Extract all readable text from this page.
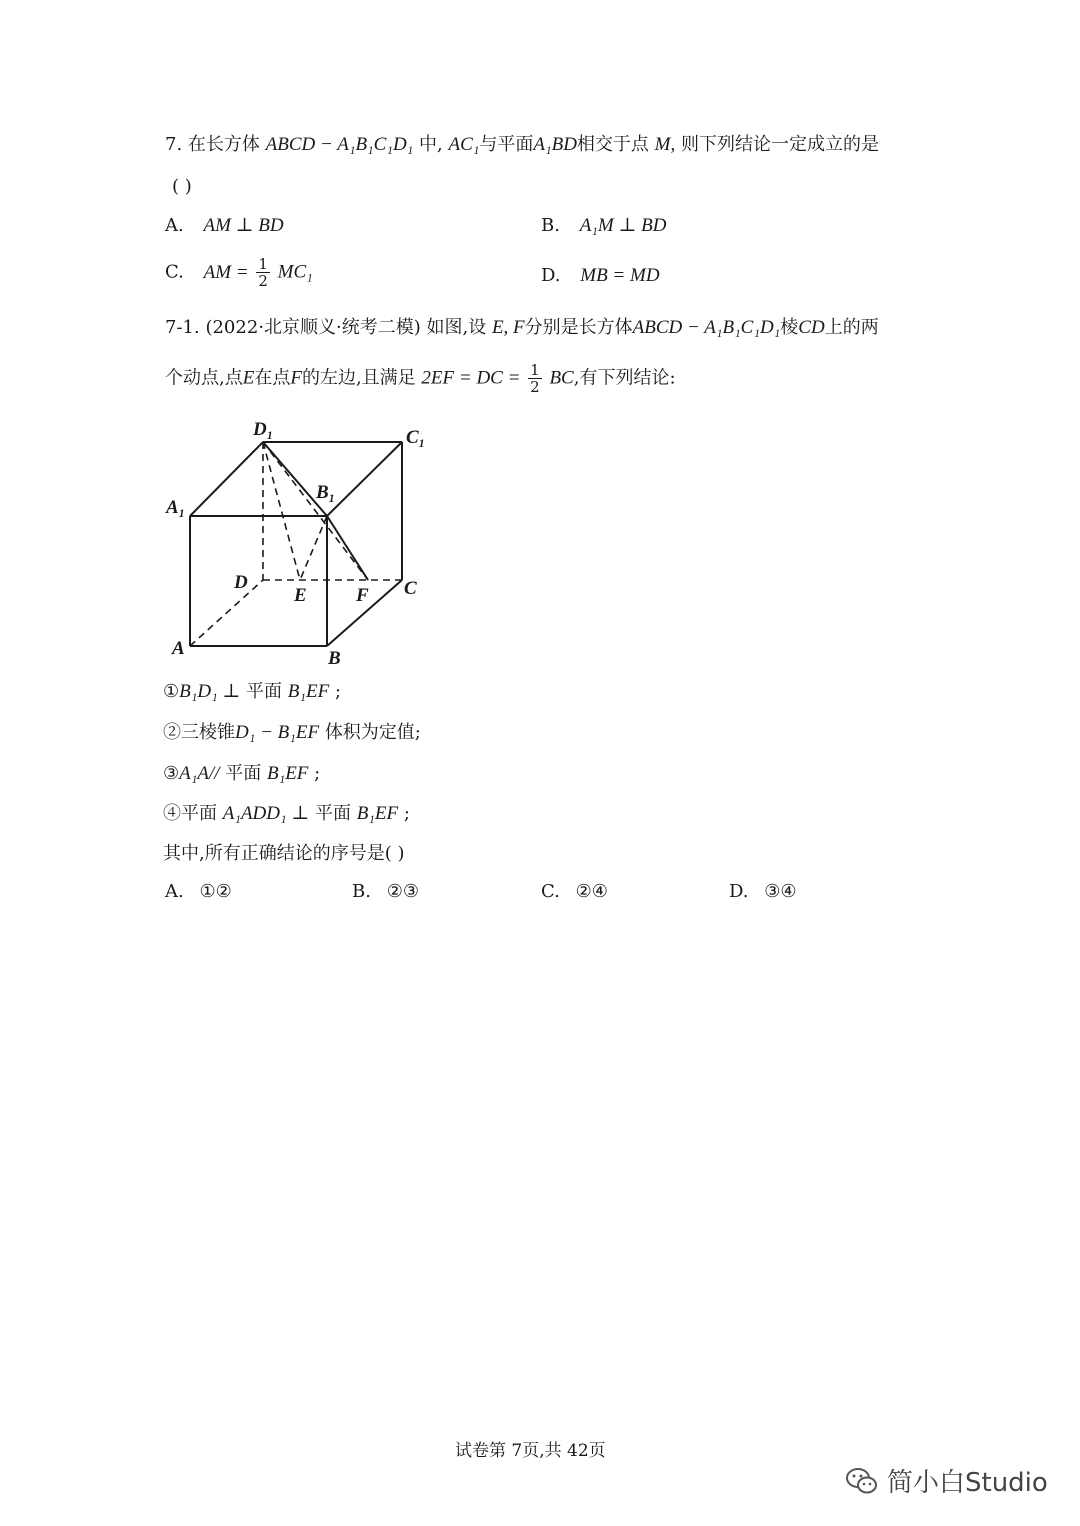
7. 在长方体 ABCD − A₁B₁C₁D₁ 中, AC₁与平面A₁BD相交于点 M, 则下列结论一定成立的是
( )
A. AM ⊥ BD	B. A₁M ⊥ BD
C. AM = $\frac{1}{2} MC_1$	D. MB = MD
7-1. (2022·北京顺义·统考二模) 如图,设 E, F分别是长方体ABCD − A₁B₁C₁D₁棱CD上的两
个动点,点E在点F的左边,且满足 2EF = DC = $\frac{1}{2}$ BC,有下列结论:
D₁	C₁
A₁
B₁
D
E	F C
A	B
①B₁D₁ ⊥ 平面 B₁EF ;
②三棱锥D₁ − B₁EF 体积为定值;
③A₁A// 平面 B₁EF ;
④平面 A₁ADD₁ ⊥ 平面 B₁EF ;
其中,所有正确结论的序号是( )
A. ①②	B. ②③	C. ②④	D. ③④
试卷第 7页,共 42页
简小白Studio
